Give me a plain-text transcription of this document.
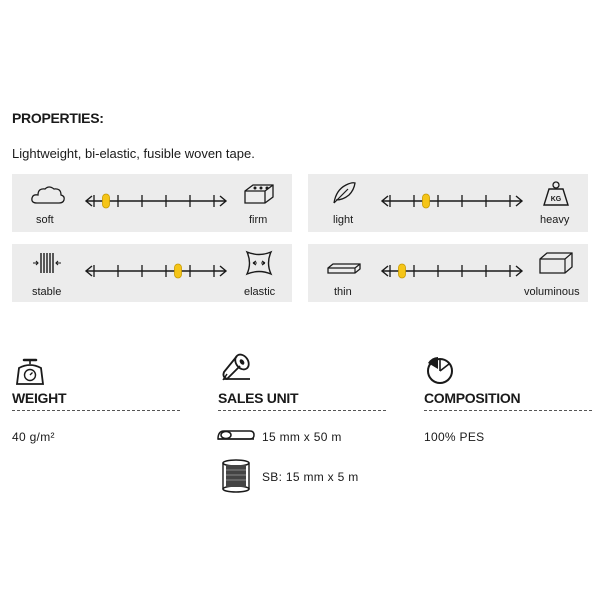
PROPERTIES:
Lightweight, bi-elastic, fusible woven tape.
soft	firm
KG
light	heavy
stable	elastic	thin	voluminous
WEIGHT
40 g/m²
SALES UNIT
15 mm x 50 m
SB: 15 mm x 5 m
COMPOSITION
100% PES
